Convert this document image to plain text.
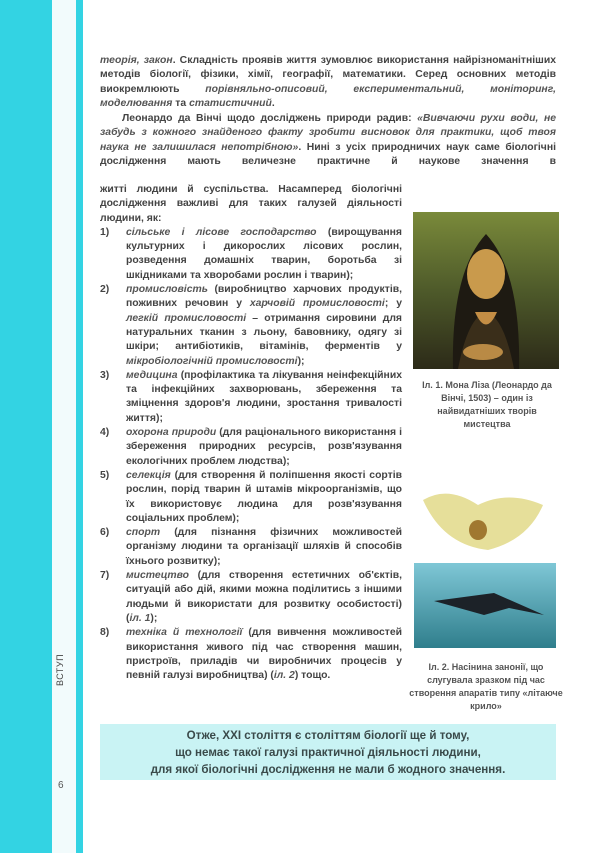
ВСТУП
6
теорія, закон. Складність проявів життя зумовлює використання найрізноманітніших методів біології, фізики, хімії, географії, математики. Серед основних методів виокремлюють порівняльно-описовий, експериментальний, моніторинг, моделювання та статистичний.
Леонардо да Вінчі щодо досліджень природи радив: «Вивчаючи рухи води, не забудь з кожного знайденого факту зробити висновок для практики, щоб твоя наука не залишилася непотрібною». Нині з усіх природничих наук саме біологічні дослідження мають величезне практичне й наукове значення в
житті людини й суспільства. Насамперед біологічні дослідження важливі для таких галузей діяльності людини, як:
1)	сільське і лісове господарство (вирощування культурних і дикорослих лісових рослин, розведення домашніх тварин, боротьба зі шкідниками та хворобами рослин і тварин);
2)	промисловість (виробництво харчових продуктів, поживних речовин у харчовій промисловості; у легкій промисловості – отримання сировини для натуральних тканин з льону, бавовнику, одягу зі шкіри; антибіотиків, вітамінів, ферментів у мікробіологічній промисловості);
3)	медицина (профілактика та лікування неінфекційних та інфекційних захворювань, збереження та зміцнення здоров'я людини, зростання тривалості життя);
4)	охорона природи (для раціонального використання і збереження природних ресурсів, розв'язування екологічних проблем людства);
5)	селекція (для створення й поліпшення якості сортів рослин, порід тварин й штамів мікроорганізмів, що їх використовує людина для розв'язування соціальних проблем);
6)	спорт (для пізнання фізичних можливостей організму людини та організації шляхів й способів їхнього розвитку);
7)	мистецтво (для створення естетичних об'єктів, ситуацій або дій, якими можна поділитись з іншими людьми й використати для розвитку особистості) (іл. 1);
8)	техніка й технології (для вивчення можливостей використання живого під час створення машин, пристроїв, приладів чи виробничих процесів у певній галузі виробництва) (іл. 2) тощо.
Іл. 1. Мона Ліза (Леонардо да Вінчі, 1503) – один із найвидатніших творів мистецтва
Іл. 2. Насінина занонії, що слугувала зразком під час створення апаратів типу «літаюче крило»
Отже, XXI століття є століттям біології ще й тому,
що немає такої галузі практичної діяльності людини,
для якої біологічні дослідження не мали б жодного значення.
